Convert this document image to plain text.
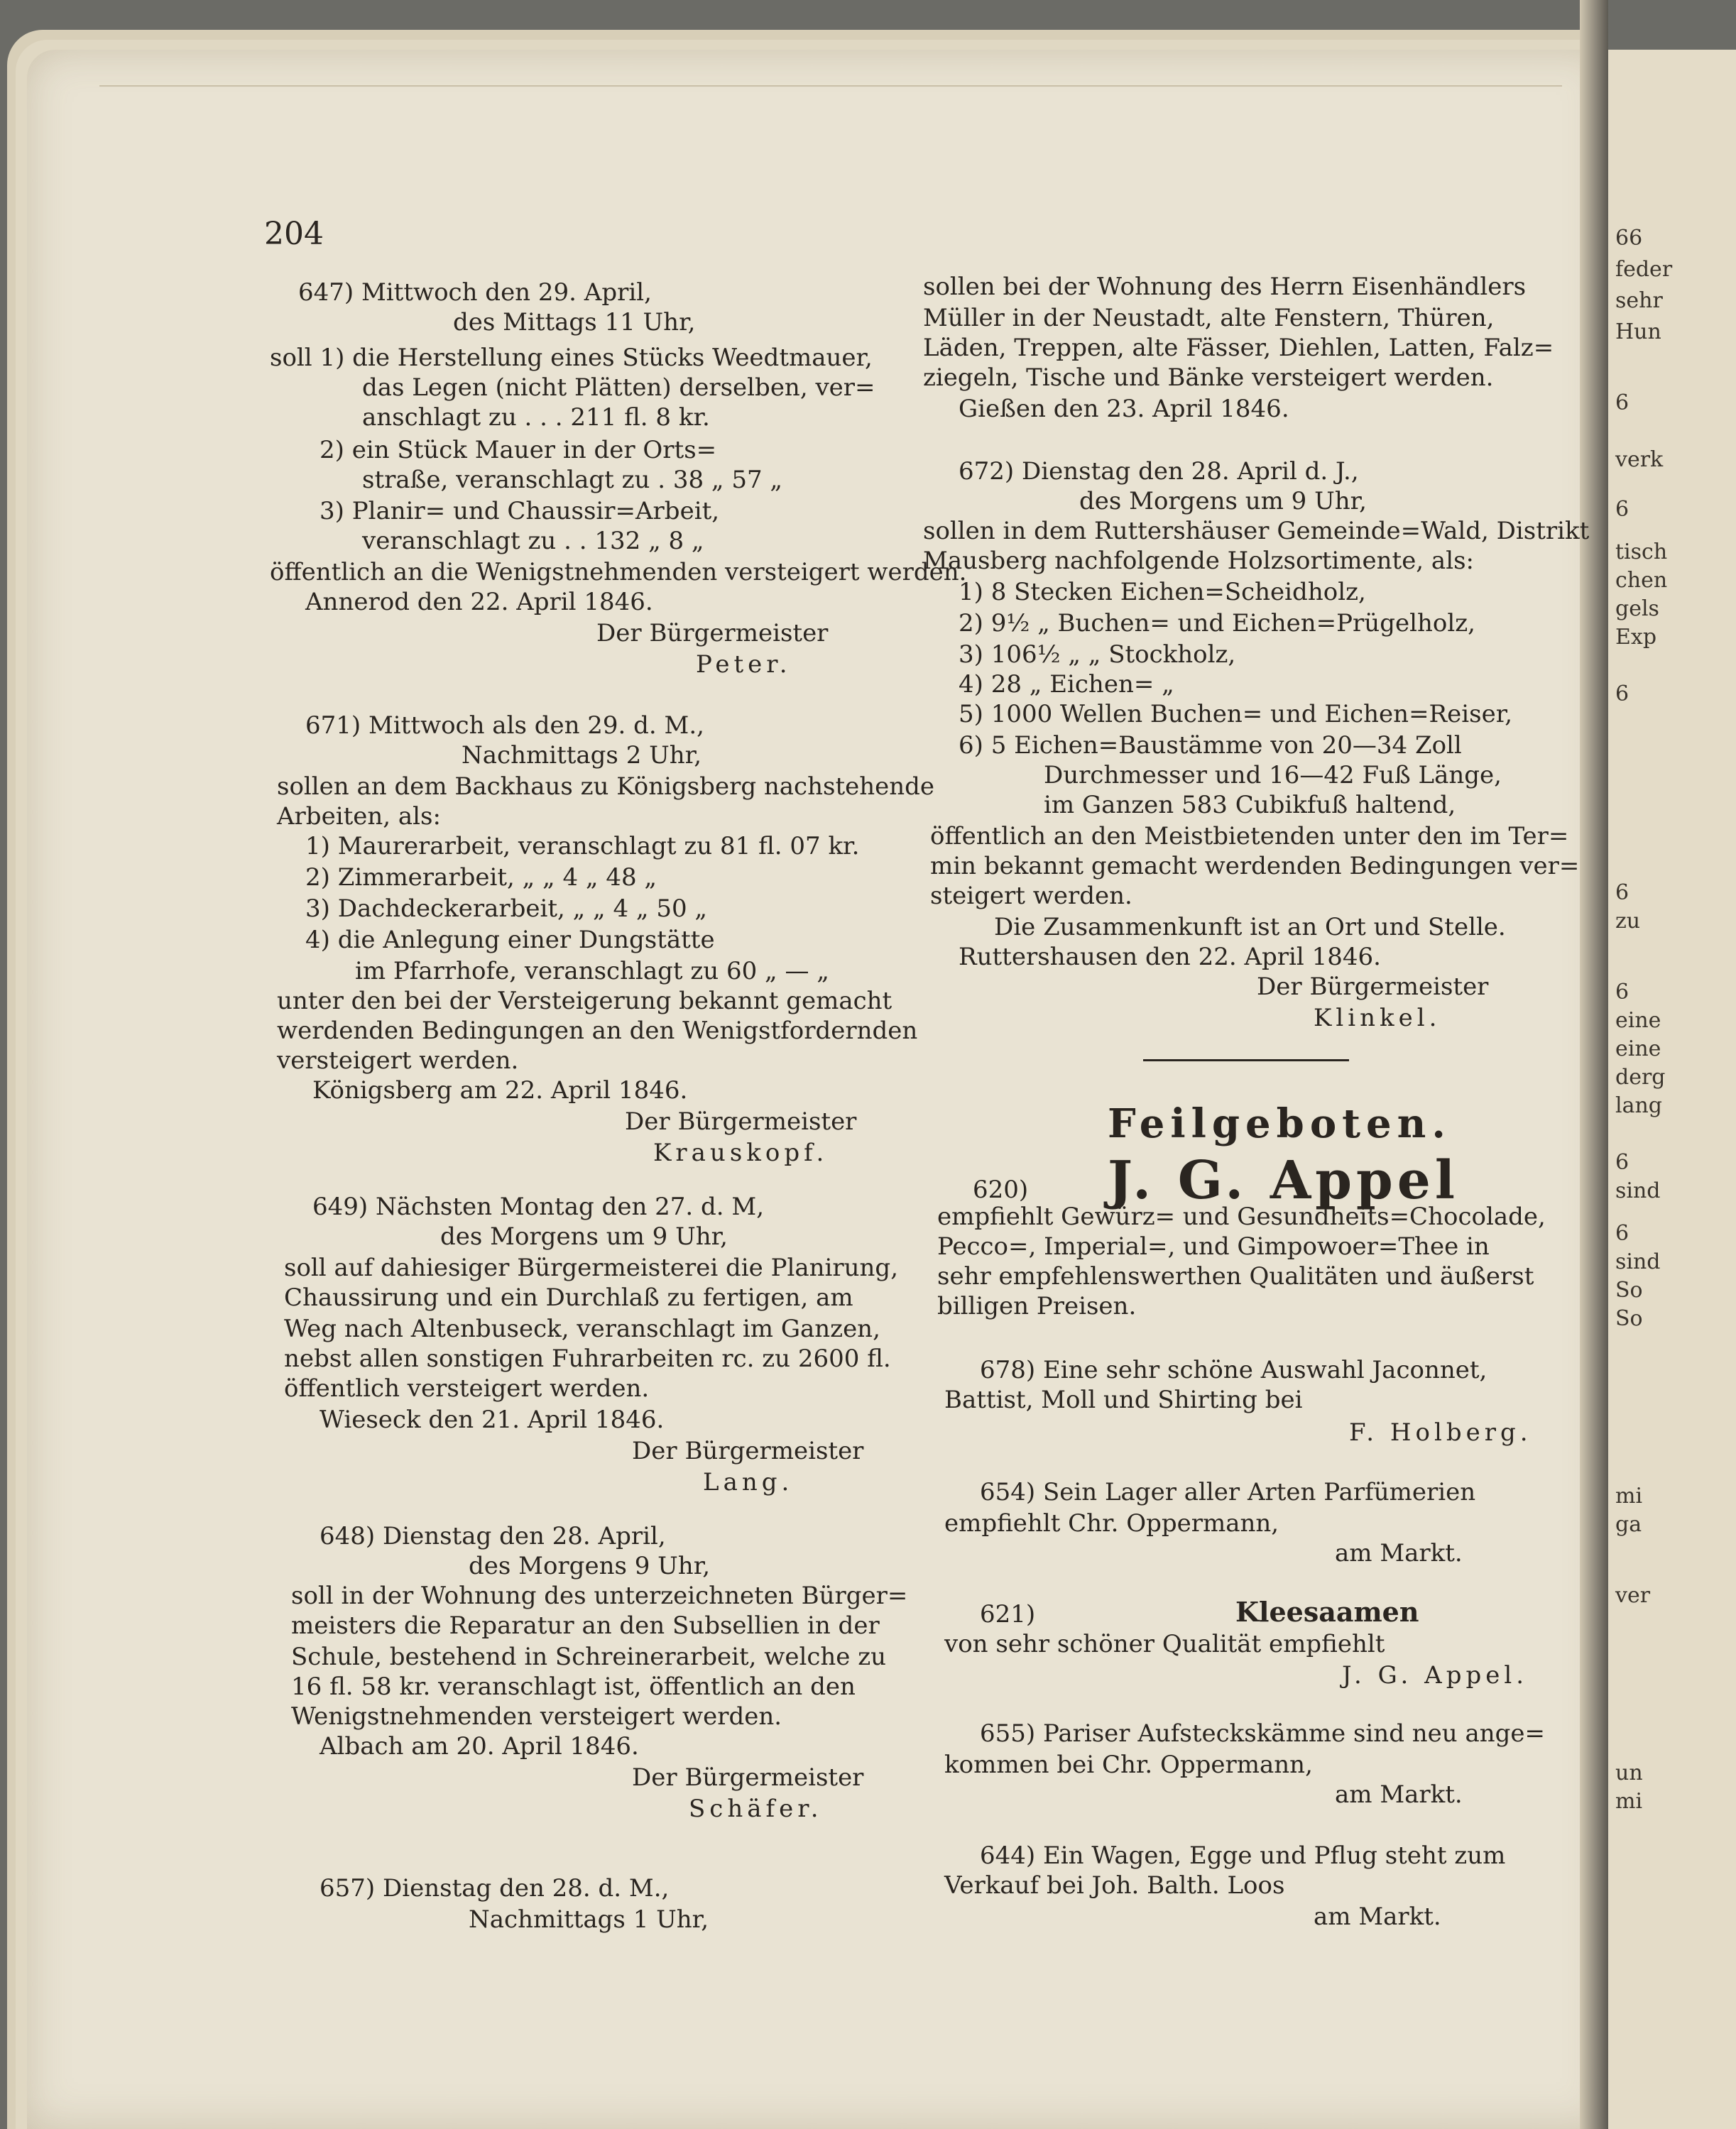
66
feder
sehr
Hun
6
verk
6
tisch
chen
gels
Exp
6
6
zu
6
eine
eine
derg
lang
6
sind
6
sind
So
So
mi
ga
ver
un
mi
204
647) Mittwoch den 29. April,
des Mittags 11 Uhr,
soll 1) die Herstellung eines Stücks Weedtmauer,
das Legen (nicht Plätten) derselben, ver=
anschlagt zu . . . 211 fl. 8 kr.
2) ein Stück Mauer in der Orts=
straße, veranschlagt zu . 38 „ 57 „
3) Planir= und Chaussir=Arbeit,
veranschlagt zu . . 132 „ 8 „
öffentlich an die Wenigstnehmenden versteigert werden.
Annerod den 22. April 1846.
Der Bürgermeister
Peter.
671) Mittwoch als den 29. d. M.,
Nachmittags 2 Uhr,
sollen an dem Backhaus zu Königsberg nachstehende
Arbeiten, als:
1) Maurerarbeit, veranschlagt zu 81 fl. 07 kr.
2) Zimmerarbeit, „ „ 4 „ 48 „
3) Dachdeckerarbeit, „ „ 4 „ 50 „
4) die Anlegung einer Dungstätte
im Pfarrhofe, veranschlagt zu 60 „ — „
unter den bei der Versteigerung bekannt gemacht
werdenden Bedingungen an den Wenigstfordernden
versteigert werden.
Königsberg am 22. April 1846.
Der Bürgermeister
Krauskopf.
649) Nächsten Montag den 27. d. M,
des Morgens um 9 Uhr,
soll auf dahiesiger Bürgermeisterei die Planirung,
Chaussirung und ein Durchlaß zu fertigen, am
Weg nach Altenbuseck, veranschlagt im Ganzen,
nebst allen sonstigen Fuhrarbeiten rc. zu 2600 fl.
öffentlich versteigert werden.
Wieseck den 21. April 1846.
Der Bürgermeister
Lang.
648) Dienstag den 28. April,
des Morgens 9 Uhr,
soll in der Wohnung des unterzeichneten Bürger=
meisters die Reparatur an den Subsellien in der
Schule, bestehend in Schreinerarbeit, welche zu
16 fl. 58 kr. veranschlagt ist, öffentlich an den
Wenigstnehmenden versteigert werden.
Albach am 20. April 1846.
Der Bürgermeister
Schäfer.
657) Dienstag den 28. d. M.,
Nachmittags 1 Uhr,
sollen bei der Wohnung des Herrn Eisenhändlers
Müller in der Neustadt, alte Fenstern, Thüren,
Läden, Treppen, alte Fässer, Diehlen, Latten, Falz=
ziegeln, Tische und Bänke versteigert werden.
Gießen den 23. April 1846.
672) Dienstag den 28. April d. J.,
des Morgens um 9 Uhr,
sollen in dem Ruttershäuser Gemeinde=Wald, Distrikt
Mausberg nachfolgende Holzsortimente, als:
1) 8 Stecken Eichen=Scheidholz,
2) 9½ „ Buchen= und Eichen=Prügelholz,
3) 106½ „ „ Stockholz,
4) 28 „ Eichen= „
5) 1000 Wellen Buchen= und Eichen=Reiser,
6) 5 Eichen=Baustämme von 20—34 Zoll
Durchmesser und 16—42 Fuß Länge,
im Ganzen 583 Cubikfuß haltend,
öffentlich an den Meistbietenden unter den im Ter=
min bekannt gemacht werdenden Bedingungen ver=
steigert werden.
Die Zusammenkunft ist an Ort und Stelle.
Ruttershausen den 22. April 1846.
Der Bürgermeister
Klinkel.
empfiehlt Gewürz= und Gesundheits=Chocolade,
Pecco=, Imperial=, und Gimpowoer=Thee in
sehr empfehlenswerthen Qualitäten und äußerst
billigen Preisen.
678) Eine sehr schöne Auswahl Jaconnet,
Battist, Moll und Shirting bei
F. Holberg.
654) Sein Lager aller Arten Parfümerien
empfiehlt Chr. Oppermann,
am Markt.
621)
von sehr schöner Qualität empfiehlt
J. G. Appel.
655) Pariser Aufsteckskämme sind neu ange=
kommen bei Chr. Oppermann,
am Markt.
644) Ein Wagen, Egge und Pflug steht zum
Verkauf bei Joh. Balth. Loos
am Markt.
Feilgeboten.
620) J. G. Appel
Kleesaamen
